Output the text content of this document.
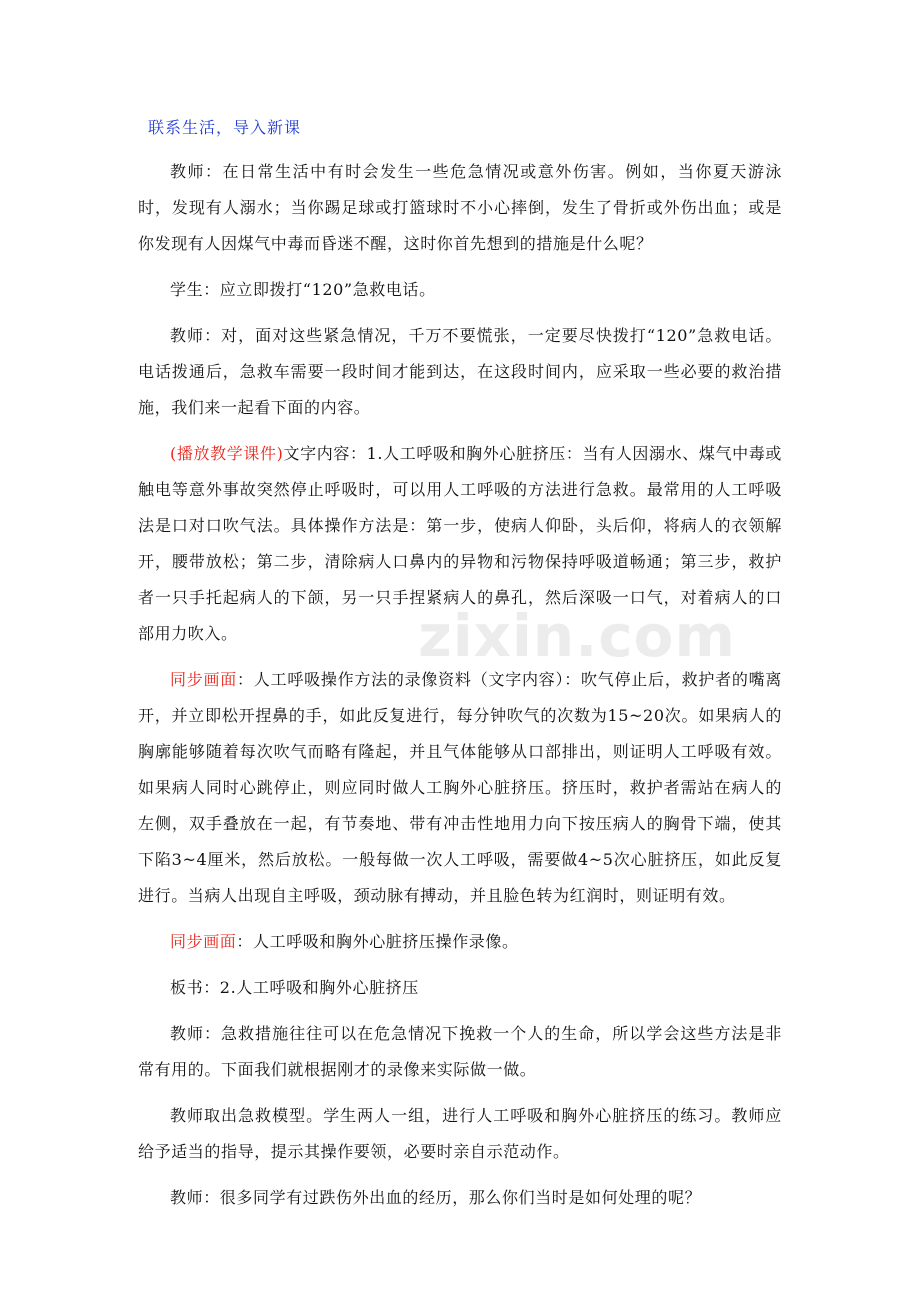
联系生活，导入新课

教师：在日常生活中有时会发生一些危急情况或意外伤害。例如，当你夏天游泳时，发现有人溺水；当你踢足球或打篮球时不小心摔倒，发生了骨折或外伤出血；或是你发现有人因煤气中毒而昏迷不醒，这时你首先想到的措施是什么呢？

学生：应立即拨打“120”急救电话。

教师：对，面对这些紧急情况，千万不要慌张，一定要尽快拨打“120”急救电话。电话拨通后，急救车需要一段时间才能到达，在这段时间内，应采取一些必要的救治措施，我们来一起看下面的内容。

(播放教学课件)文字内容：1.人工呼吸和胸外心脏挤压：当有人因溺水、煤气中毒或触电等意外事故突然停止呼吸时，可以用人工呼吸的方法进行急救。最常用的人工呼吸法是口对口吹气法。具体操作方法是：第一步，使病人仰卧，头后仰，将病人的衣领解开，腰带放松；第二步，清除病人口鼻内的异物和污物保持呼吸道畅通；第三步，救护者一只手托起病人的下颌，另一只手捏紧病人的鼻孔，然后深吸一口气，对着病人的口部用力吹入。

同步画面：人工呼吸操作方法的录像资料（文字内容）：吹气停止后，救护者的嘴离开，并立即松开捏鼻的手，如此反复进行，每分钟吹气的次数为15~20次。如果病人的胸廓能够随着每次吹气而略有隆起，并且气体能够从口部排出，则证明人工呼吸有效。如果病人同时心跳停止，则应同时做人工胸外心脏挤压。挤压时，救护者需站在病人的左侧，双手叠放在一起，有节奏地、带有冲击性地用力向下按压病人的胸骨下端，使其下陷3~4厘米，然后放松。一般每做一次人工呼吸，需要做4~5次心脏挤压，如此反复进行。当病人出现自主呼吸，颈动脉有搏动，并且脸色转为红润时，则证明有效。

同步画面：人工呼吸和胸外心脏挤压操作录像。

板书：2.人工呼吸和胸外心脏挤压

教师：急救措施往往可以在危急情况下挽救一个人的生命，所以学会这些方法是非常有用的。下面我们就根据刚才的录像来实际做一做。

教师取出急救模型。学生两人一组，进行人工呼吸和胸外心脏挤压的练习。教师应给予适当的指导，提示其操作要领，必要时亲自示范动作。

教师：很多同学有过跌伤外出血的经历，那么你们当时是如何处理的呢？

zixin.com
